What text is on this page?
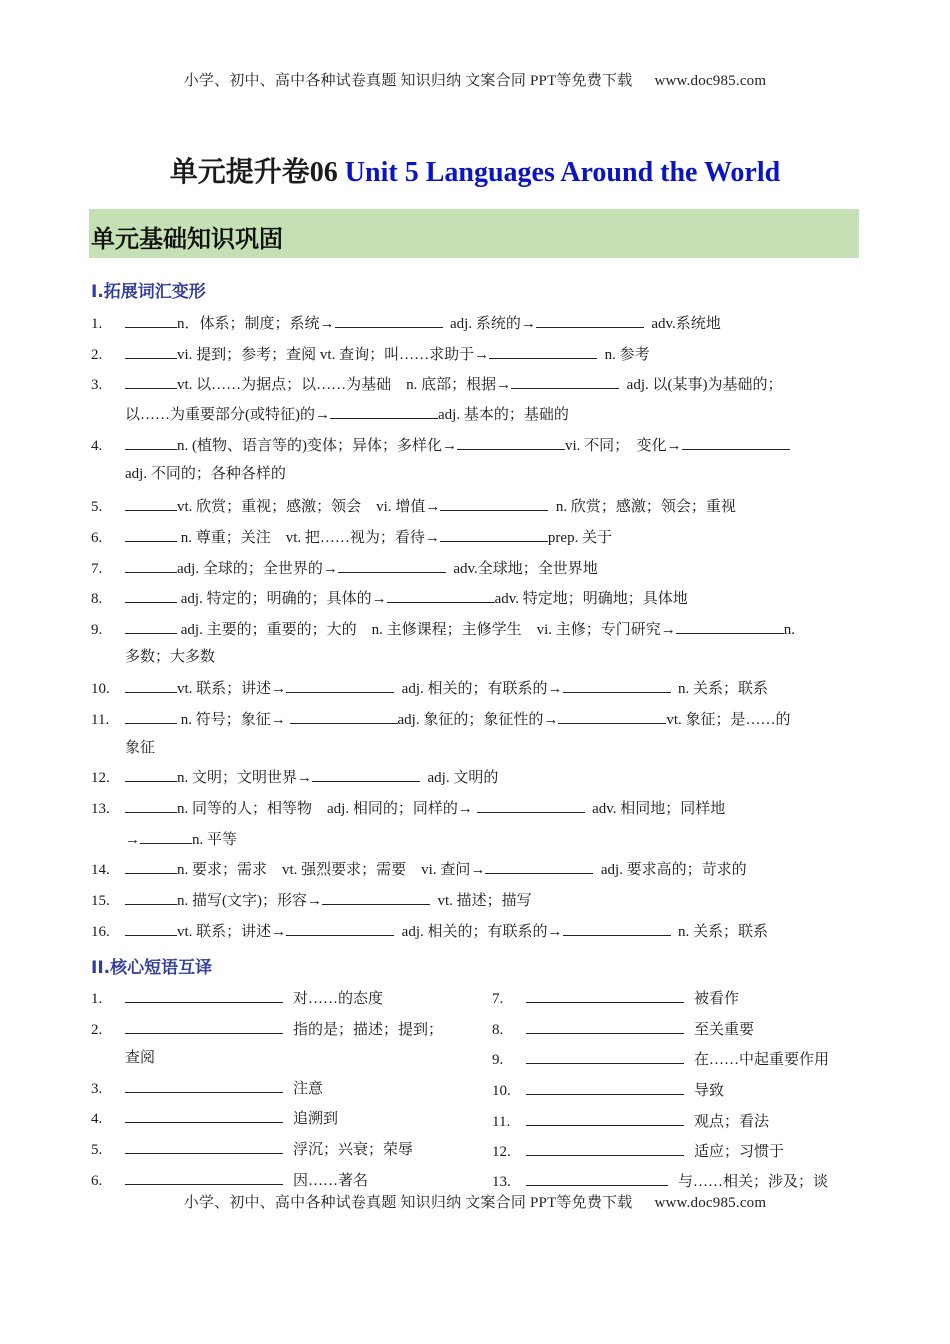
小学、初中、高中各种试卷真题 知识归纳 文案合同 PPT等免费下载 www.doc985.com
单元提升卷06 Unit 5 Languages Around the World
单元基础知识巩固
I.拓展词汇变形
1.	n．体系；制度；系统→	adj. 系统的→	adv.系统地
2.	vi. 提到；参考；查阅 vt. 查询；叫……求助于→	n. 参考
3.	vt. 以……为据点；以……为基础　n. 底部；根据→	adj. 以(某事)为基础的；
以……为重要部分(或特征)的→	adj. 基本的；基础的
4.	n. (植物、语言等的)变体；异体；多样化→	vi. 不同；　变化→
adj. 不同的；各种各样的
5.	vt. 欣赏；重视；感激；领会　vi. 增值→	n. 欣赏；感激；领会；重视
6.	n. 尊重；关注　vt. 把……视为；看待→	prep. 关于
7.	adj. 全球的；全世界的→	adv.全球地；全世界地
8.	adj. 特定的；明确的；具体的→	adv. 特定地；明确地；具体地
9.	adj. 主要的；重要的；大的　n. 主修课程；主修学生　vi. 主修；专门研究→	n.
多数；大多数
10.	vt. 联系；讲述→	adj. 相关的；有联系的→	n. 关系；联系
11.	n. 符号；象征→	adj. 象征的；象征性的→	vt. 象征；是……的
象征
12.	n. 文明；文明世界→	adj. 文明的
13.	n. 同等的人；相等物　adj. 相同的；同样的→	adv. 相同地；同样地
→	n. 平等
14.	n. 要求；需求　vt. 强烈要求；需要　vi. 查问→	adj. 要求高的；苛求的
15.	n. 描写(文字)；形容→	vt. 描述；描写
16.	vt. 联系；讲述→	adj. 相关的；有联系的→	n. 关系；联系
II.核心短语互译
1.	对……的态度
2.	指的是；描述；提到；
查阅
3.	注意
4.	追溯到
5.	浮沉；兴衰；荣辱
6.	因……著名
7.	被看作
8.	至关重要
9.	在……中起重要作用
10.	导致
11.	观点；看法
12.	适应；习惯于
13.	与……相关；涉及；谈
小学、初中、高中各种试卷真题 知识归纳 文案合同 PPT等免费下载 www.doc985.com
